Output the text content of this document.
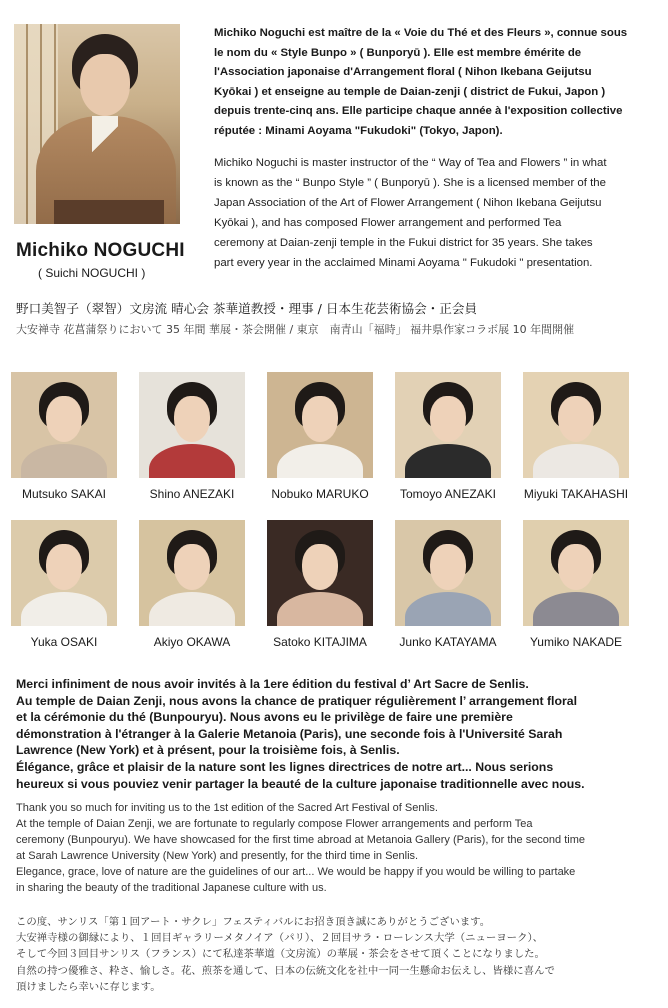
Michiko NOGUCHI
( Suichi NOGUCHI )
Michiko Noguchi est maître de la « Voie du Thé et des Fleurs », connue sous
le nom du « Style Bunpo » ( Bunporyū ). Elle est membre émérite de
l'Association japonaise d'Arrangement floral ( Nihon Ikebana Geijutsu
Kyōkai ) et enseigne au temple de Daian-zenji ( district de Fukui, Japon )
depuis trente-cinq ans. Elle participe chaque année à l'exposition collective
réputée : Minami Aoyama "Fukudoki" (Tokyo, Japon).
Michiko Noguchi is master instructor of the “ Way of Tea and Flowers ” in what
is known as the “ Bunpo Style ” ( Bunporyū ). She is a licensed member of the
Japan Association of the Art of Flower Arrangement ( Nihon Ikebana Geijutsu
Kyōkai ), and has composed Flower arrangement and performed Tea
ceremony at Daian-zenji temple in the Fukui district for 35 years. She takes
part every year in the acclaimed Minami Aoyama " Fukudoki " presentation.
野口美智子（翠智）文房流 晴心会 茶華道教授・理事 / 日本生花芸術協会・正会員
大安禅寺 花菖蒲祭りにおいて 35 年間 華展・茶会開催 / 東京　南青山「福時」 福井県作家コラボ展 10 年間開催
Mutsuko SAKAI	Shino ANEZAKI	Nobuko MARUKO	Tomoyo ANEZAKI	Miyuki TAKAHASHI
Yuka OSAKI	Akiyo OKAWA	Satoko KITAJIMA	Junko KATAYAMA	Yumiko NAKADE
Merci infiniment de nous avoir invités à la 1ere édition du festival d’ Art Sacre de Senlis.
Au temple de Daian Zenji, nous avons la chance de pratiquer régulièrement l’ arrangement floral
et la cérémonie du thé (Bunpouryu). Nous avons eu le privilège de faire une première
démonstration à l'étranger à la Galerie Metanoia (Paris), une seconde fois à l'Université Sarah
Lawrence (New York) et à présent, pour la troisième fois, à Senlis.
Élégance, grâce et plaisir de la nature sont les lignes directrices de notre art... Nous serions
heureux si vous pouviez venir partager la beauté de la culture japonaise traditionnelle avec nous.
Thank you so much for inviting us to the 1st edition of the Sacred Art Festival of Senlis.
At the temple of Daian Zenji, we are fortunate to regularly compose Flower arrangements and perform Tea
ceremony (Bunpouryu). We have showcased for the first time abroad at Metanoia Gallery (Paris), for the second time
at Sarah Lawrence University (New York) and presently, for the third time in Senlis.
Elegance, grace, love of nature are the guidelines of our art... We would be happy if you would be willing to partake
in sharing the beauty of the traditional Japanese culture with us.
この度、サンリス「第１回アート・サクレ」フェスティバルにお招き頂き誠にありがとうございます。
大安禅寺様の御縁により、１回目ギャラリーメタノイア（パリ）、２回目サラ・ローレンス大学（ニューヨーク）、
そして今回３回目サンリス（フランス）にて私達茶華道（文房流）の華展・茶会をさせて頂くことになりました。
自然の持つ優雅さ、粋さ、愉しさ。花、煎茶を通して、日本の伝統文化を社中一同一生懸命お伝えし、皆様に喜んで
頂けましたら幸いに存じます。
